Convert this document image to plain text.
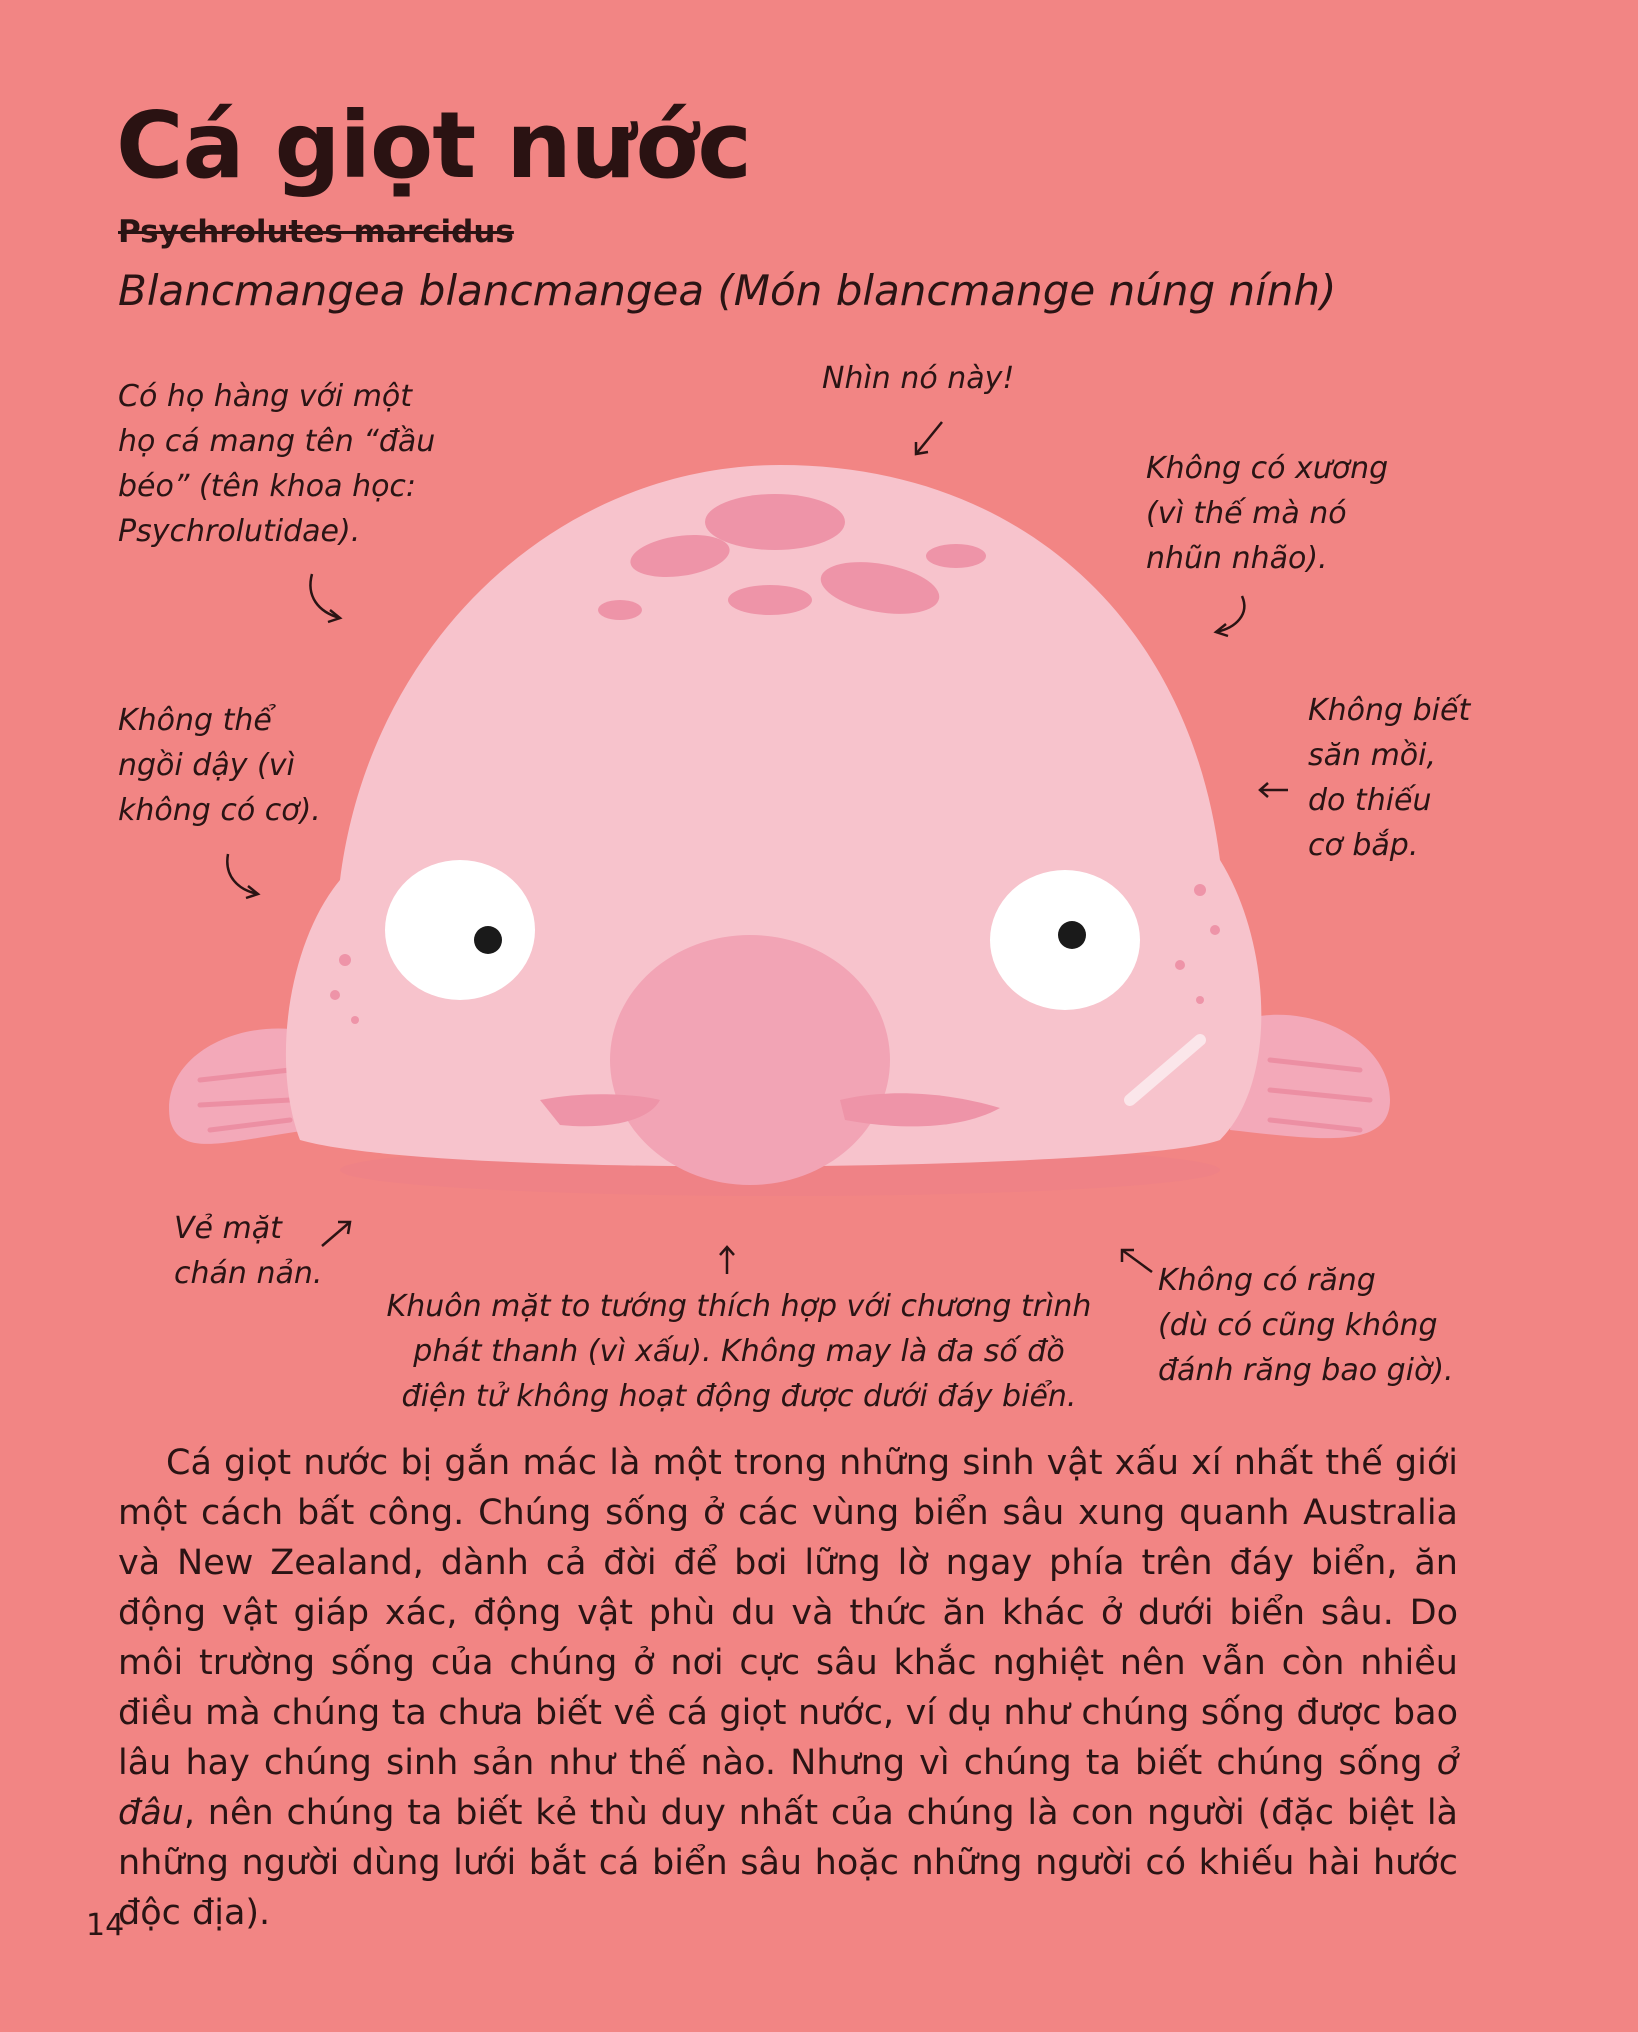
Cá giọt nước
Psychrolutes marcidus
Blancmangea blancmangea (Món blancmange núng nính)
Có họ hàng với một
họ cá mang tên “đầu
béo” (tên khoa học:
Psychrolutidae).
Nhìn nó này!
Không có xương
(vì thế mà nó
nhũn nhão).
Không thể
ngồi dậy (vì
không có cơ).
Không biết
săn mồi,
do thiếu
cơ bắp.
Vẻ mặt
chán nản.
Khuôn mặt to tướng thích hợp với chương trình
phát thanh (vì xấu). Không may là đa số đồ
điện tử không hoạt động được dưới đáy biển.
Không có răng
(dù có cũng không
đánh răng bao giờ).
Cá giọt nước bị gắn mác là một trong những sinh vật xấu xí nhất thế giới một cách bất công. Chúng sống ở các vùng biển sâu xung quanh Australia và New Zealand, dành cả đời để bơi lững lờ ngay phía trên đáy biển, ăn động vật giáp xác, động vật phù du và thức ăn khác ở dưới biển sâu. Do môi trường sống của chúng ở nơi cực sâu khắc nghiệt nên vẫn còn nhiều điều mà chúng ta chưa biết về cá giọt nước, ví dụ như chúng sống được bao lâu hay chúng sinh sản như thế nào. Nhưng vì chúng ta biết chúng sống ở đâu, nên chúng ta biết kẻ thù duy nhất của chúng là con người (đặc biệt là những người dùng lưới bắt cá biển sâu hoặc những người có khiếu hài hước độc địa).
14
